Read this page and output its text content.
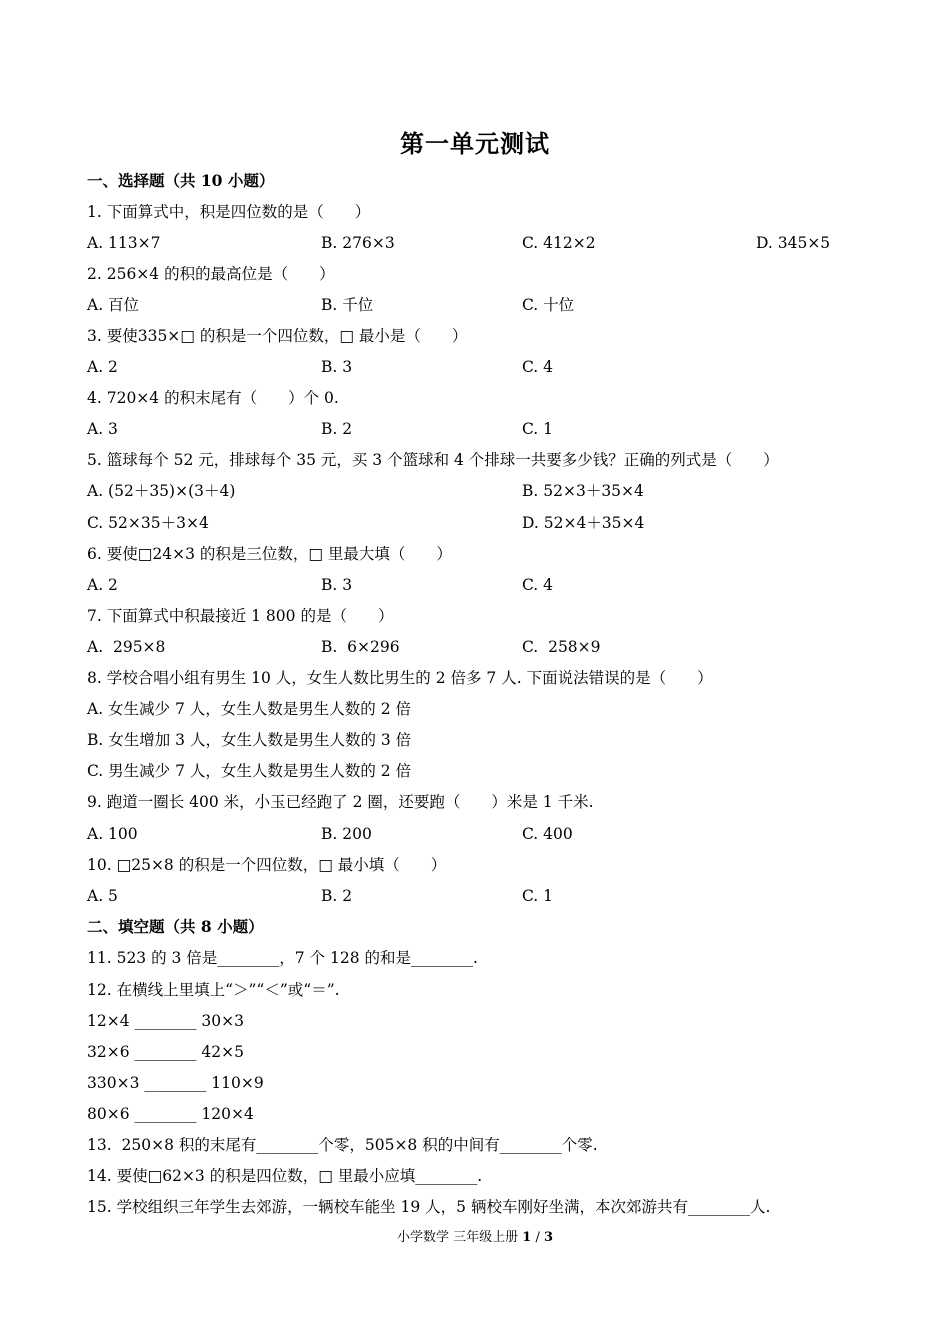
第一单元测试
一、选择题（共 10 小题）
1. 下面算式中，积是四位数的是（　　）
A. 113×7	B. 276×3	C. 412×2	D. 345×5
2. 256×4 的积的最高位是（　　）
A. 百位	B. 千位	C. 十位
3. 要使335×□ 的积是一个四位数，□ 最小是（　　）
A. 2	B. 3	C. 4
4. 720×4 的积末尾有（　　）个 0.
A. 3	B. 2	C. 1
5. 篮球每个 52 元，排球每个 35 元，买 3 个篮球和 4 个排球一共要多少钱？正确的列式是（　　）
A. (52＋35)×(3＋4)	B. 52×3＋35×4
C. 52×35＋3×4	D. 52×4＋35×4
6. 要使□24×3 的积是三位数，□ 里最大填（　　）
A. 2	B. 3	C. 4
7. 下面算式中积最接近 1 800 的是（　　）
A.  295×8	B.  6×296	C.  258×9
8. 学校合唱小组有男生 10 人，女生人数比男生的 2 倍多 7 人. 下面说法错误的是（　　）
A. 女生减少 7 人，女生人数是男生人数的 2 倍
B. 女生增加 3 人，女生人数是男生人数的 3 倍
C. 男生减少 7 人，女生人数是男生人数的 2 倍
9. 跑道一圈长 400 米，小玉已经跑了 2 圈，还要跑（　　）米是 1 千米.
A. 100	B. 200	C. 400
10. □25×8 的积是一个四位数，□ 最小填（　　）
A. 5	B. 2	C. 1
二、填空题（共 8 小题）
11. 523 的 3 倍是________，7 个 128 的和是________.
12. 在横线上里填上“＞”“＜”或“＝”.
12×4 ________ 30×3
32×6 ________ 42×5
330×3 ________ 110×9
80×6 ________ 120×4
13.  250×8 积的末尾有________个零，505×8 积的中间有________个零.
14. 要使□62×3 的积是四位数，□ 里最小应填________.
15. 学校组织三年学生去郊游，一辆校车能坐 19 人，5 辆校车刚好坐满，本次郊游共有________人.
小学数学 三年级上册 1 / 3
